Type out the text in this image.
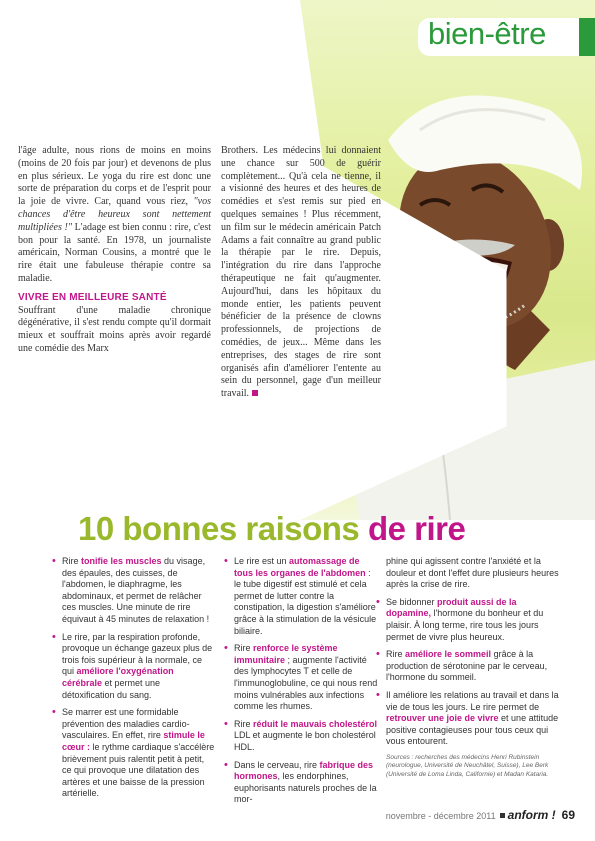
bien-être

l'âge adulte, nous rions de moins en moins (moins de 20 fois par jour) et devenons de plus en plus sérieux. Le yoga du rire est donc une sorte de préparation du corps et de l'esprit pour la joie de vivre. Car, quand vous riez, "vos chances d'être heureux sont nettement multipliées !" L'adage est bien connu : rire, c'est bon pour la santé. En 1978, un journaliste américain, Norman Cousins, a montré que le rire était une fabuleuse thérapie contre sa maladie.

VIVRE EN MEILLEURE SANTÉ

Souffrant d'une maladie chronique dégénérative, il s'est rendu compte qu'il dormait mieux et souffrait moins après avoir regardé une comédie des Marx

Brothers. Les médecins lui donnaient une chance sur 500 de guérir complètement... Qu'à cela ne tienne, il a visionné des heures et des heures de comédies et s'est remis sur pied en quelques semaines ! Plus récemment, un film sur le médecin américain Patch Adams a fait connaître au grand public la thérapie par le rire. Depuis, l'intégration du rire dans l'approche thérapeutique ne fait qu'augmenter. Aujourd'hui, dans les hôpitaux du monde entier, les patients peuvent bénéficier de la présence de clowns professionnels, de projections de comédies, de jeux... Même dans les entreprises, des stages de rire sont organisés afin d'améliorer l'entente au sein du personnel, gage d'un meilleur travail.

10 bonnes raisons de rire
• Rire tonifie les muscles du visage, des épaules, des cuisses, de l'abdomen, le diaphragme, les abdominaux, et permet de relâcher ces muscles. Une minute de rire équivaut à 45 minutes de relaxation !
• Le rire, par la respiration profonde, provoque un échange gazeux plus de trois fois supérieur à la normale, ce qui améliore l'oxygénation cérébrale et permet une détoxification du sang.
• Se marrer est une formidable prévention des maladies cardio-vasculaires. En effet, rire stimule le cœur : le rythme cardiaque s'accélère brièvement puis ralentit petit à petit, ce qui provoque une dilatation des artères et une baisse de la pression artérielle.
• Le rire est un automassage de tous les organes de l'abdomen : le tube digestif est stimulé et cela permet de lutter contre la constipation, la digestion s'améliore grâce à la stimulation de la vésicule biliaire.
• Rire renforce le système immunitaire ; augmente l'activité des lymphocytes T et celle de l'immunoglobuline, ce qui nous rend moins vulnérables aux infections comme les rhumes.
• Rire réduit le mauvais cholestérol LDL et augmente le bon cholestérol HDL.
• Dans le cerveau, rire fabrique des hormones, les endorphines, euphorisants naturels proches de la mor-
phine qui agissent contre l'anxiété et la douleur et dont l'effet dure plusieurs heures après la crise de rire.
• Se bidonner produit aussi de la dopamine, l'hormone du bonheur et du plaisir. À long terme, rire tous les jours permet de vivre plus heureux.
• Rire améliore le sommeil grâce à la production de sérotonine par le cerveau, l'hormone du sommeil.
• Il améliore les relations au travail et dans la vie de tous les jours. Le rire permet de retrouver une joie de vivre et une attitude positive contagieuses pour tous ceux qui vous entourent.
Sources : recherches des médecins Henri Rubinstein (neurologue, Université de Neuchâtel, Suisse), Lee Berk (Université de Loma Linda, Californie) et Madan Kataria.
novembre - décembre 2011 anform ! 69
